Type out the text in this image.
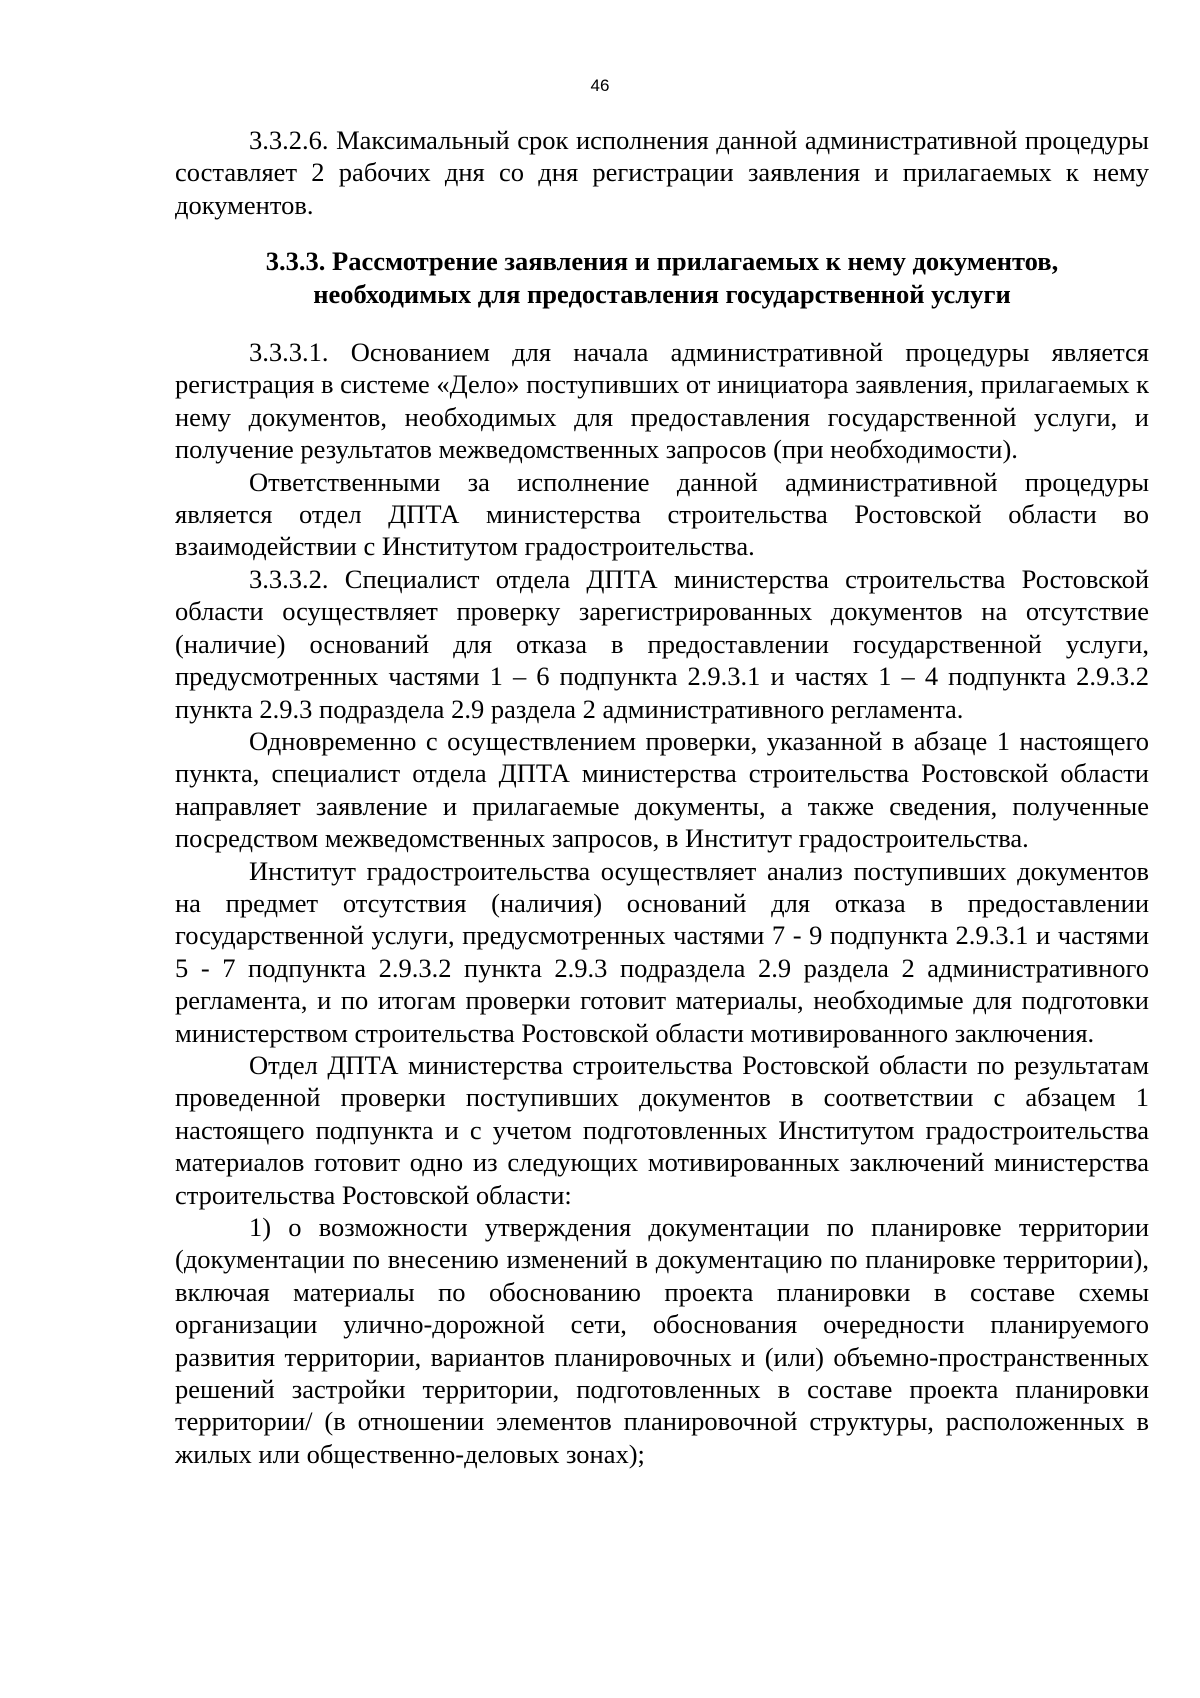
46

3.3.2.6. Максимальный срок исполнения данной административной процедуры составляет 2 рабочих дня со дня регистрации заявления и прилагаемых к нему документов.

3.3.3. Рассмотрение заявления и прилагаемых к нему документов,
необходимых для предоставления государственной услуги

3.3.3.1. Основанием для начала административной процедуры является регистрация в системе «Дело» поступивших от инициатора заявления, прилагаемых к нему документов, необходимых для предоставления государственной услуги, и получение результатов межведомственных запросов (при необходимости).

Ответственными за исполнение данной административной процедуры является отдел ДПТА министерства строительства Ростовской области во взаимодействии с Институтом градостроительства.

3.3.3.2. Специалист отдела ДПТА министерства строительства Ростовской области осуществляет проверку зарегистрированных документов на отсутствие (наличие) оснований для отказа в предоставлении государственной услуги, предусмотренных частями 1 – 6 подпункта 2.9.3.1 и частях 1 – 4 подпункта 2.9.3.2 пункта 2.9.3 подраздела 2.9 раздела 2 административного регламента.

Одновременно с осуществлением проверки, указанной в абзаце 1 настоящего пункта, специалист отдела ДПТА министерства строительства Ростовской области направляет заявление и прилагаемые документы, а также сведения, полученные посредством межведомственных запросов, в Институт градостроительства.

Институт градостроительства осуществляет анализ поступивших документов на предмет отсутствия (наличия) оснований для отказа в предоставлении государственной услуги, предусмотренных частями 7 - 9 подпункта 2.9.3.1 и частями 5 - 7 подпункта 2.9.3.2 пункта 2.9.3 подраздела 2.9 раздела 2 административного регламента, и по итогам проверки готовит материалы, необходимые для подготовки министерством строительства Ростовской области мотивированного заключения.

Отдел ДПТА министерства строительства Ростовской области по результатам проведенной проверки поступивших документов в соответствии с абзацем 1 настоящего подпункта и с учетом подготовленных Институтом градостроительства материалов готовит одно из следующих мотивированных заключений министерства строительства Ростовской области:

1) о возможности утверждения документации по планировке территории (документации по внесению изменений в документацию по планировке территории), включая материалы по обоснованию проекта планировки в составе схемы организации улично-дорожной сети, обоснования очередности планируемого развития территории, вариантов планировочных и (или) объемно-пространственных решений застройки территории, подготовленных в составе проекта планировки территории/ (в отношении элементов планировочной структуры, расположенных в жилых или общественно-деловых зонах);
